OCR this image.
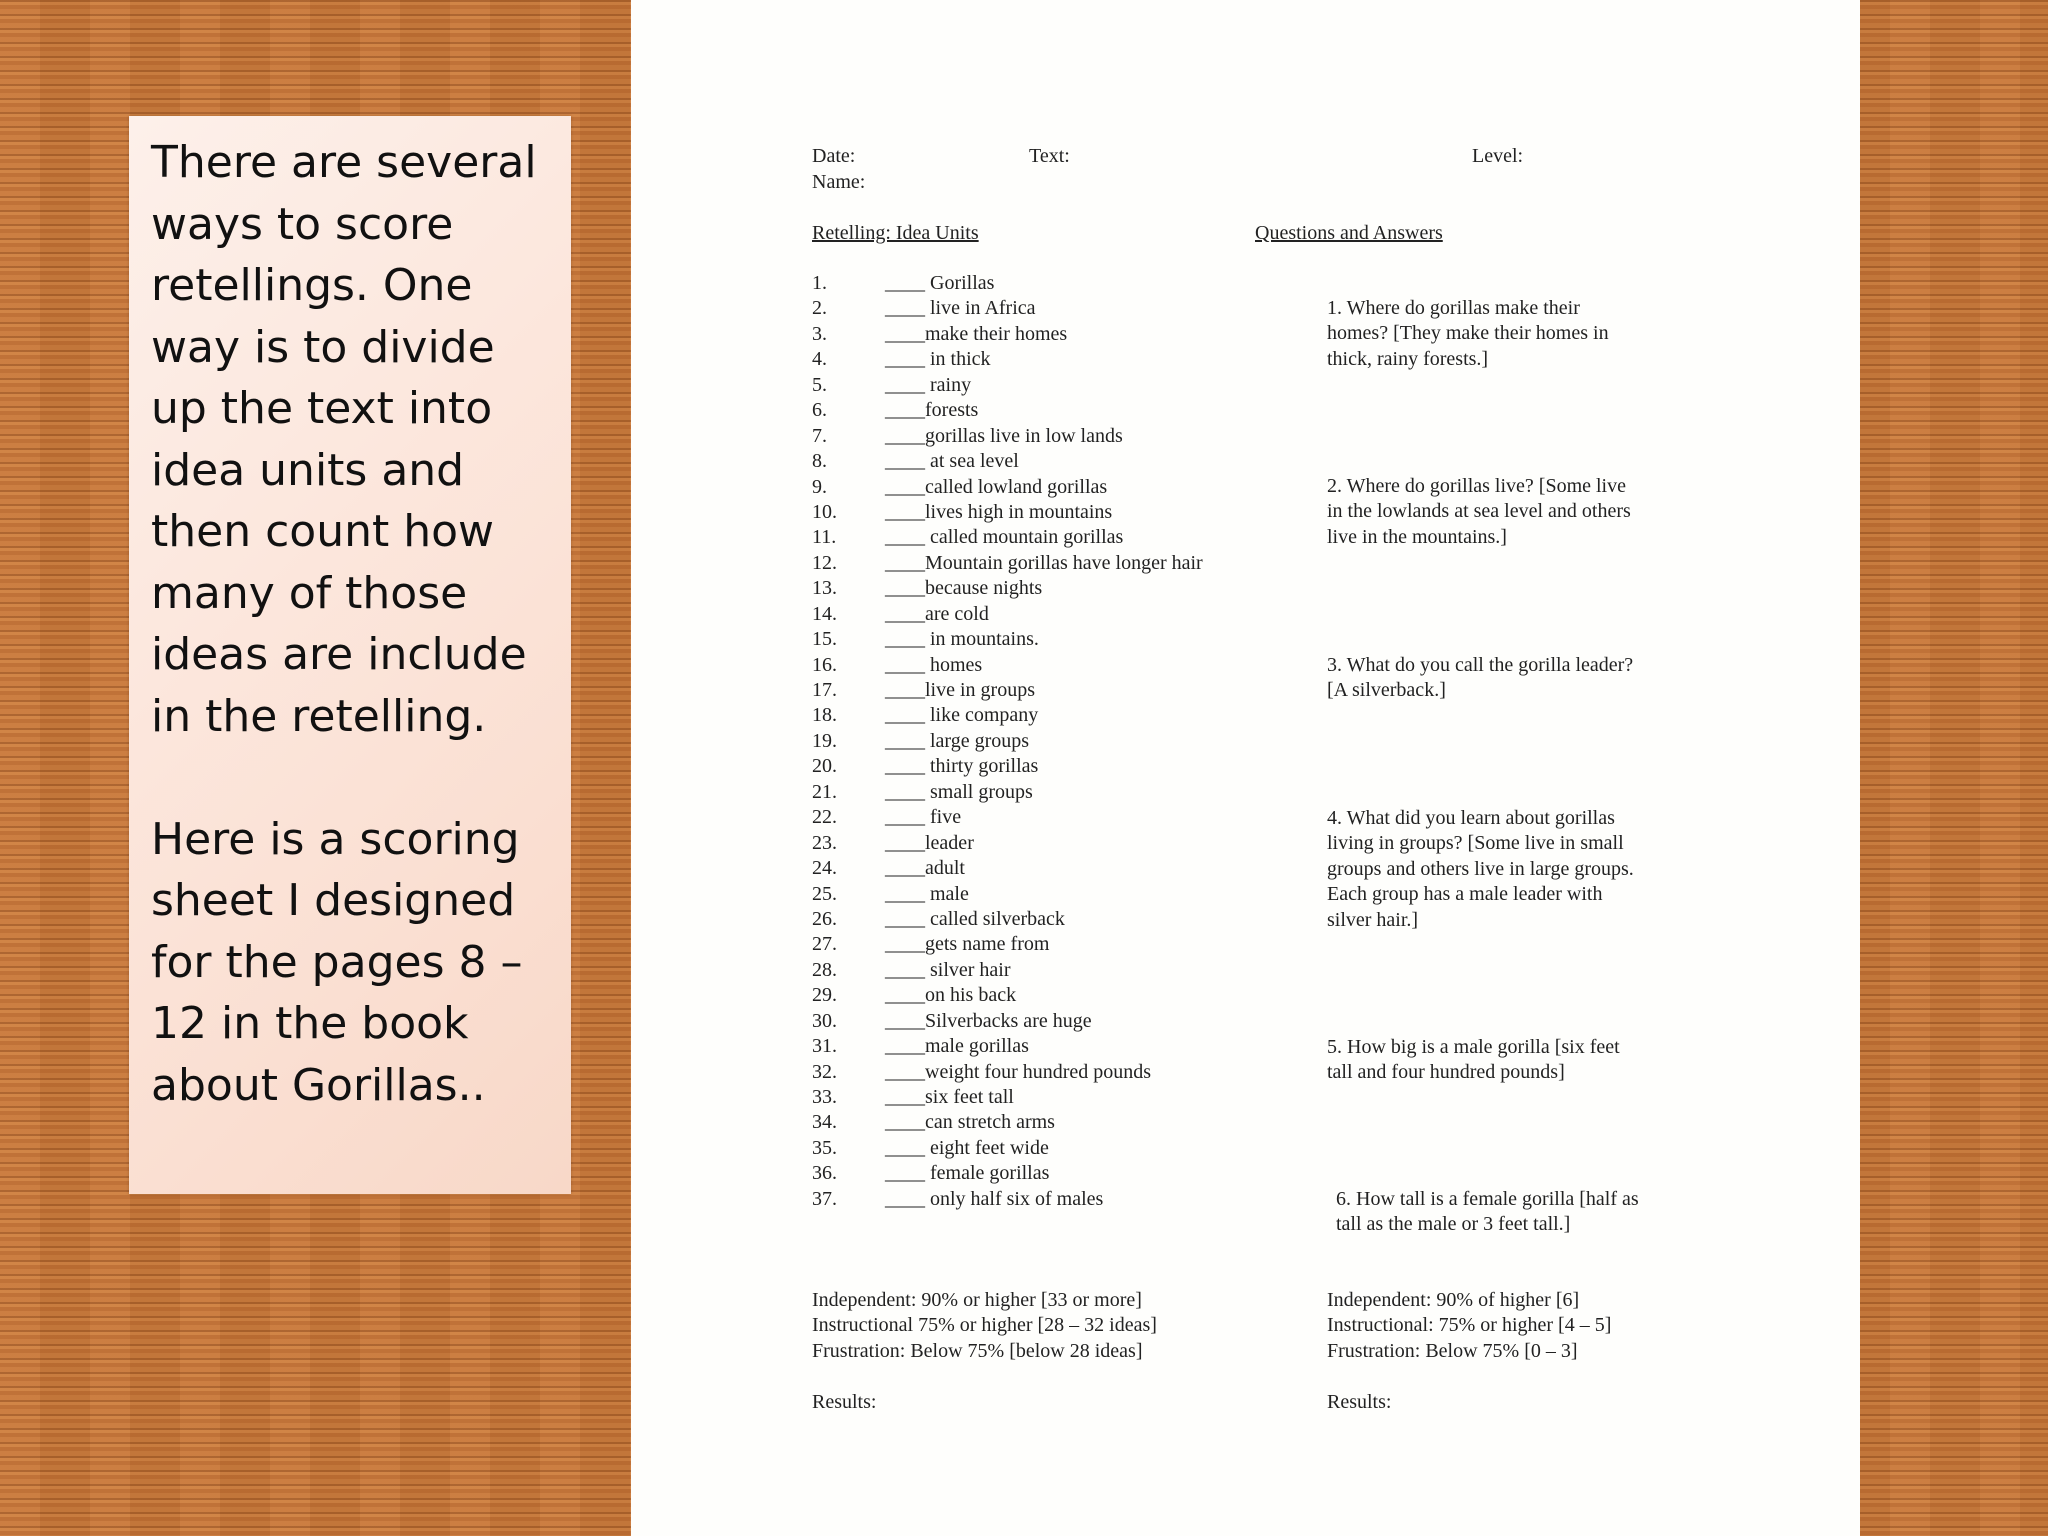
There are several ways to score retellings. One way is to divide up the text into idea units and then count how many of those ideas are include in the retelling.

Here is a scoring sheet I designed for the pages 8 – 12 in the book about Gorillas..

Date:	Text:	Level:
Name:
Retelling: Idea Units	Questions and Answers
1.	____ Gorillas
2.	____ live in Africa
3.	____make their homes
4.	____ in thick
5.	____ rainy
6.	____forests
7.	____gorillas live in low lands
8.	____ at sea level
9.	____called lowland gorillas
10. ____lives high in mountains
11. ____ called mountain gorillas
12. ____Mountain gorillas have longer hair
13. ____because nights
14. ____are cold
15. ____ in mountains.
16. ____ homes
17. ____live in groups
18. ____ like company
19. ____ large groups
20. ____ thirty gorillas
21. ____ small groups
22. ____ five
23. ____leader
24. ____adult
25. ____ male
26. ____ called silverback
27. ____gets name from
28. ____ silver hair
29. ____on his back
30. ____Silverbacks are huge
31. ____male gorillas
32. ____weight four hundred pounds
33. ____six feet tall
34. ____can stretch arms
35. ____ eight feet wide
36. ____ female gorillas
37. ____ only half six of males
1. Where do gorillas make their
homes? [They make their homes in
thick, rainy forests.]
2. Where do gorillas live? [Some live
in the lowlands at sea level and others
live in the mountains.]
3. What do you call the gorilla leader?
[A silverback.]
4. What did you learn about gorillas
living in groups? [Some live in small
groups and others live in large groups.
Each group has a male leader with
silver hair.]
5. How big is a male gorilla [six feet
tall and four hundred pounds]
6. How tall is a female gorilla [half as
tall as the male or 3 feet tall.]
Independent: 90% or higher [33 or more]
Instructional 75% or higher [28 – 32 ideas]
Frustration: Below 75% [below 28 ideas]
Independent: 90% of higher [6]
Instructional: 75% or higher [4 – 5]
Frustration: Below 75% [0 – 3]
Results:	Results:
